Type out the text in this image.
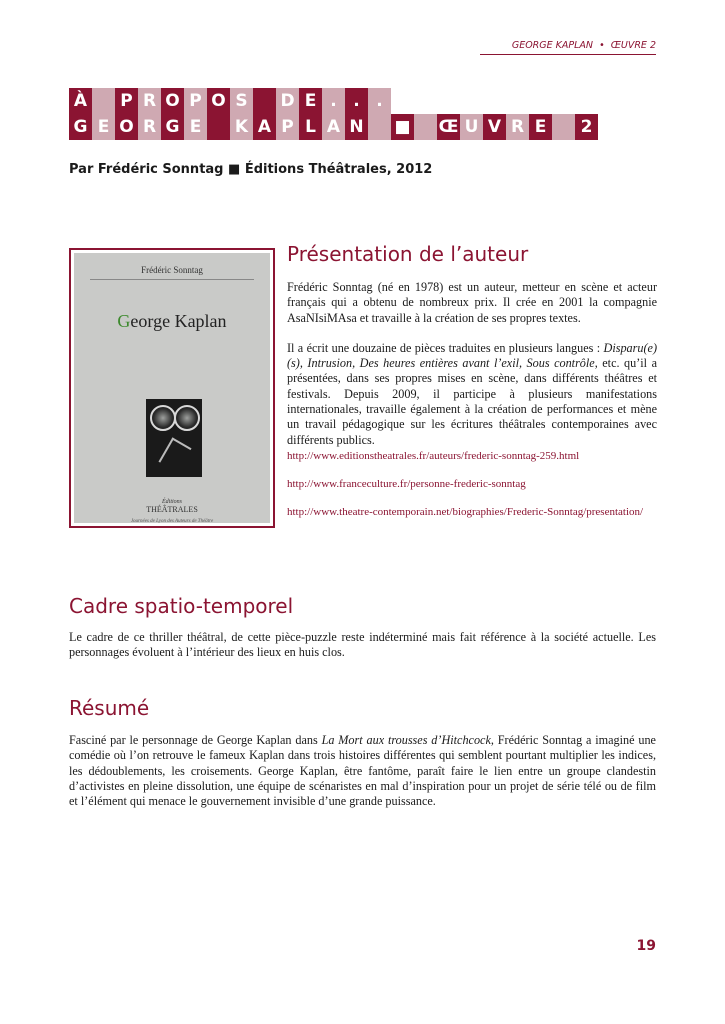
GEORGE KAPLAN • ŒUVRE 2
À	P R O P O S	D E . . .
G E O R G E	K A P L A N ■ Œ U V R E	2
Par Frédéric Sonntag ■ Éditions Théâtrales, 2012
Frédéric Sonntag
George Kaplan
Éditions
THÉÂTRALES
Journées de Lyon des Auteurs de Théâtre
Présentation de l’auteur

Frédéric Sonntag (né en 1978) est un auteur, metteur en scène et acteur français qui a obtenu de nombreux prix. Il crée en 2001 la compagnie AsaNIsiMAsa et travaille à la création de ses propres textes.

Il a écrit une douzaine de pièces traduites en plusieurs langues : Disparu(e)(s), Intrusion, Des heures entières avant l’exil, Sous contrôle, etc. qu’il a présentées, dans ses propres mises en scène, dans différents théâtres et festivals. Depuis 2009, il participe à plusieurs manifestations internationales, travaille également à la création de performances et mène un travail pédagogique sur les écritures théâtrales contemporaines avec différents publics.

http://www.editionstheatrales.fr/auteurs/frederic-sonntag-259.html
http://www.franceculture.fr/personne-frederic-sonntag
http://www.theatre-contemporain.net/biographies/Frederic-Sonntag/presentation/
Cadre spatio-temporel

Le cadre de ce thriller théâtral, de cette pièce-puzzle reste indéterminé mais fait référence à la société actuelle. Les personnages évoluent à l’intérieur des lieux en huis clos.

Résumé

Fasciné par le personnage de George Kaplan dans La Mort aux trousses d’Hitchcock, Frédéric Sonntag a imaginé une comédie où l’on retrouve le fameux Kaplan dans trois histoires différentes qui semblent pourtant multiplier les indices, les dédoublements, les croisements. George Kaplan, être fantôme, paraît faire le lien entre un groupe clandestin d’activistes en pleine dissolution, une équipe de scénaristes en mal d’inspiration pour un projet de série télé ou de film et l’élément qui menace le gouvernement invisible d’une grande puissance.

19
